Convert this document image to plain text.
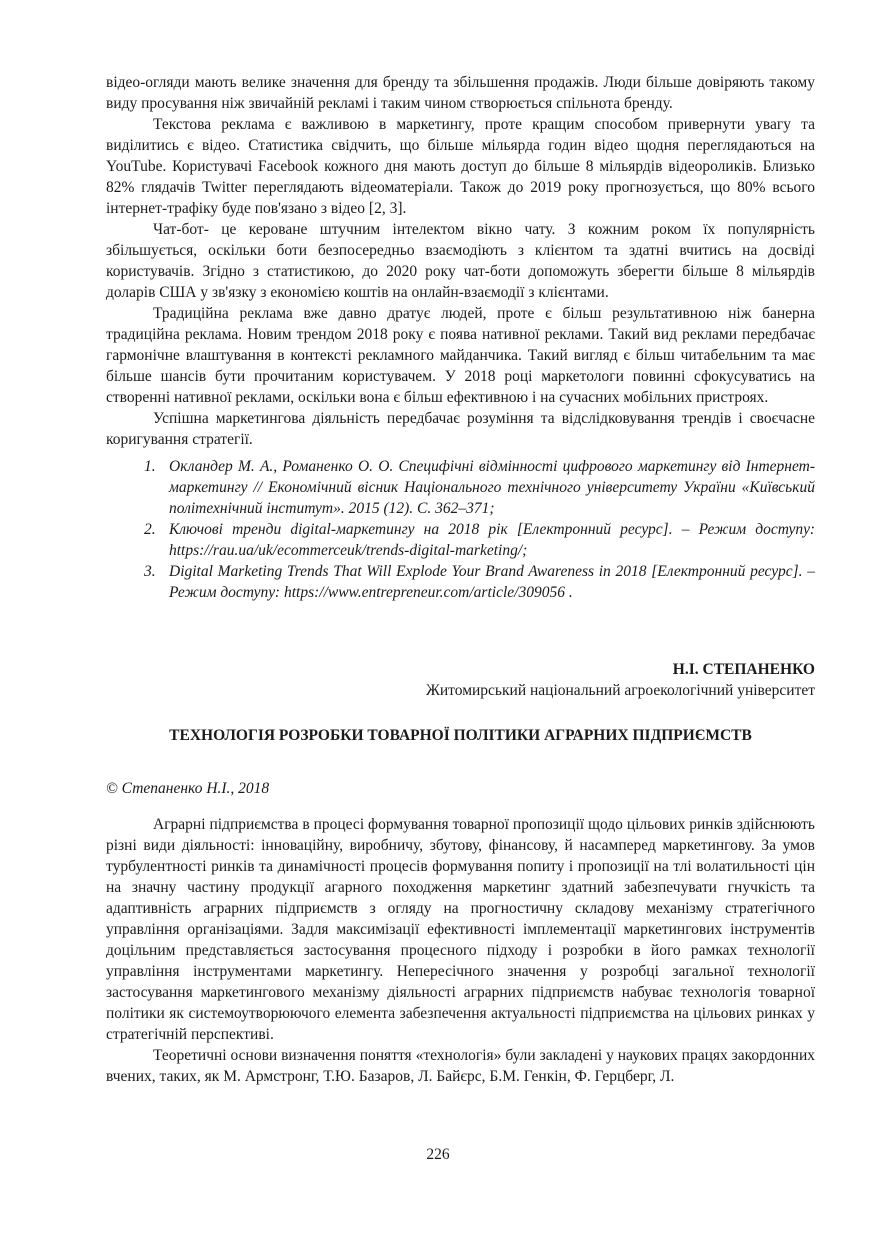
відео-огляди мають велике значення для бренду та збільшення продажів. Люди більше довіряють такому виду просування ніж звичайній рекламі і таким чином створюється спільнота бренду.

Текстова реклама є важливою в маркетингу, проте кращим способом привернути увагу та виділитись є відео. Статистика свідчить, що більше мільярда годин відео щодня переглядаються на YouTube. Користувачі Facebook кожного дня мають доступ до більше 8 мільярдів відеороликів. Близько 82% глядачів Twitter переглядають відеоматеріали. Також до 2019 року прогнозується, що 80% всього інтернет-трафіку буде пов'язано з відео [2, 3].

Чат-бот- це кероване штучним інтелектом вікно чату. З кожним роком їх популярність збільшується, оскільки боти безпосередньо взаємодіють з клієнтом та здатні вчитись на досвіді користувачів. Згідно з статистикою, до 2020 року чат-боти допоможуть зберегти більше 8 мільярдів доларів США у зв'язку з економією коштів на онлайн-взаємодії з клієнтами.

Традиційна реклама вже давно дратує людей, проте є більш результативною ніж банерна традиційна реклама. Новим трендом 2018 року є поява нативної реклами. Такий вид реклами передбачає гармонічне влаштування в контексті рекламного майданчика. Такий вигляд є більш читабельним та має більше шансів бути прочитаним користувачем. У 2018 році маркетологи повинні сфокусуватись на створенні нативної реклами, оскільки вона є більш ефективною і на сучасних мобільних пристроях.

Успішна маркетингова діяльність передбачає розуміння та відслідковування трендів і своєчасне коригування стратегії.

1. Окландер М. А., Романенко О. О. Специфічні відмінності цифрового маркетингу від Інтернет-маркетингу // Економічний вісник Національного технічного університету України «Київський політехнічний інститут». 2015 (12). С. 362–371;
2. Ключові тренди digital-маркетингу на 2018 рік [Електронний ресурс]. – Режим доступу: https://rau.ua/uk/ecommerceuk/trends-digital-marketing/;
3. Digital Marketing Trends That Will Explode Your Brand Awareness in 2018 [Електронний ресурс]. – Режим доступу: https://www.entrepreneur.com/article/309056 .
Н.І. СТЕПАНЕНКО
Житомирський національний агроекологічний університет
ТЕХНОЛОГІЯ РОЗРОБКИ ТОВАРНОЇ ПОЛІТИКИ АГРАРНИХ ПІДПРИЄМСТВ
© Степаненко Н.І., 2018

Аграрні підприємства в процесі формування товарної пропозиції щодо цільових ринків здійснюють різні види діяльності: інноваційну, виробничу, збутову, фінансову, й насамперед маркетингову. За умов турбулентності ринків та динамічності процесів формування попиту і пропозиції на тлі волатильності цін на значну частину продукції агарного походження маркетинг здатний забезпечувати гнучкість та адаптивність аграрних підприємств з огляду на прогностичну складову механізму стратегічного управління організаціями. Задля максимізації ефективності імплементації маркетингових інструментів доцільним представляється застосування процесного підходу і розробки в його рамках технології управління інструментами маркетингу. Непересічного значення у розробці загальної технології застосування маркетингового механізму діяльності аграрних підприємств набуває технологія товарної політики як системоутворюючого елемента забезпечення актуальності підприємства на цільових ринках у стратегічній перспективі.

Теоретичні основи визначення поняття «технологія» були закладені у наукових працях закордонних вчених, таких, як М. Армстронг, Т.Ю. Базаров, Л. Байєрс, Б.М. Генкін, Ф. Герцберг, Л.

226
